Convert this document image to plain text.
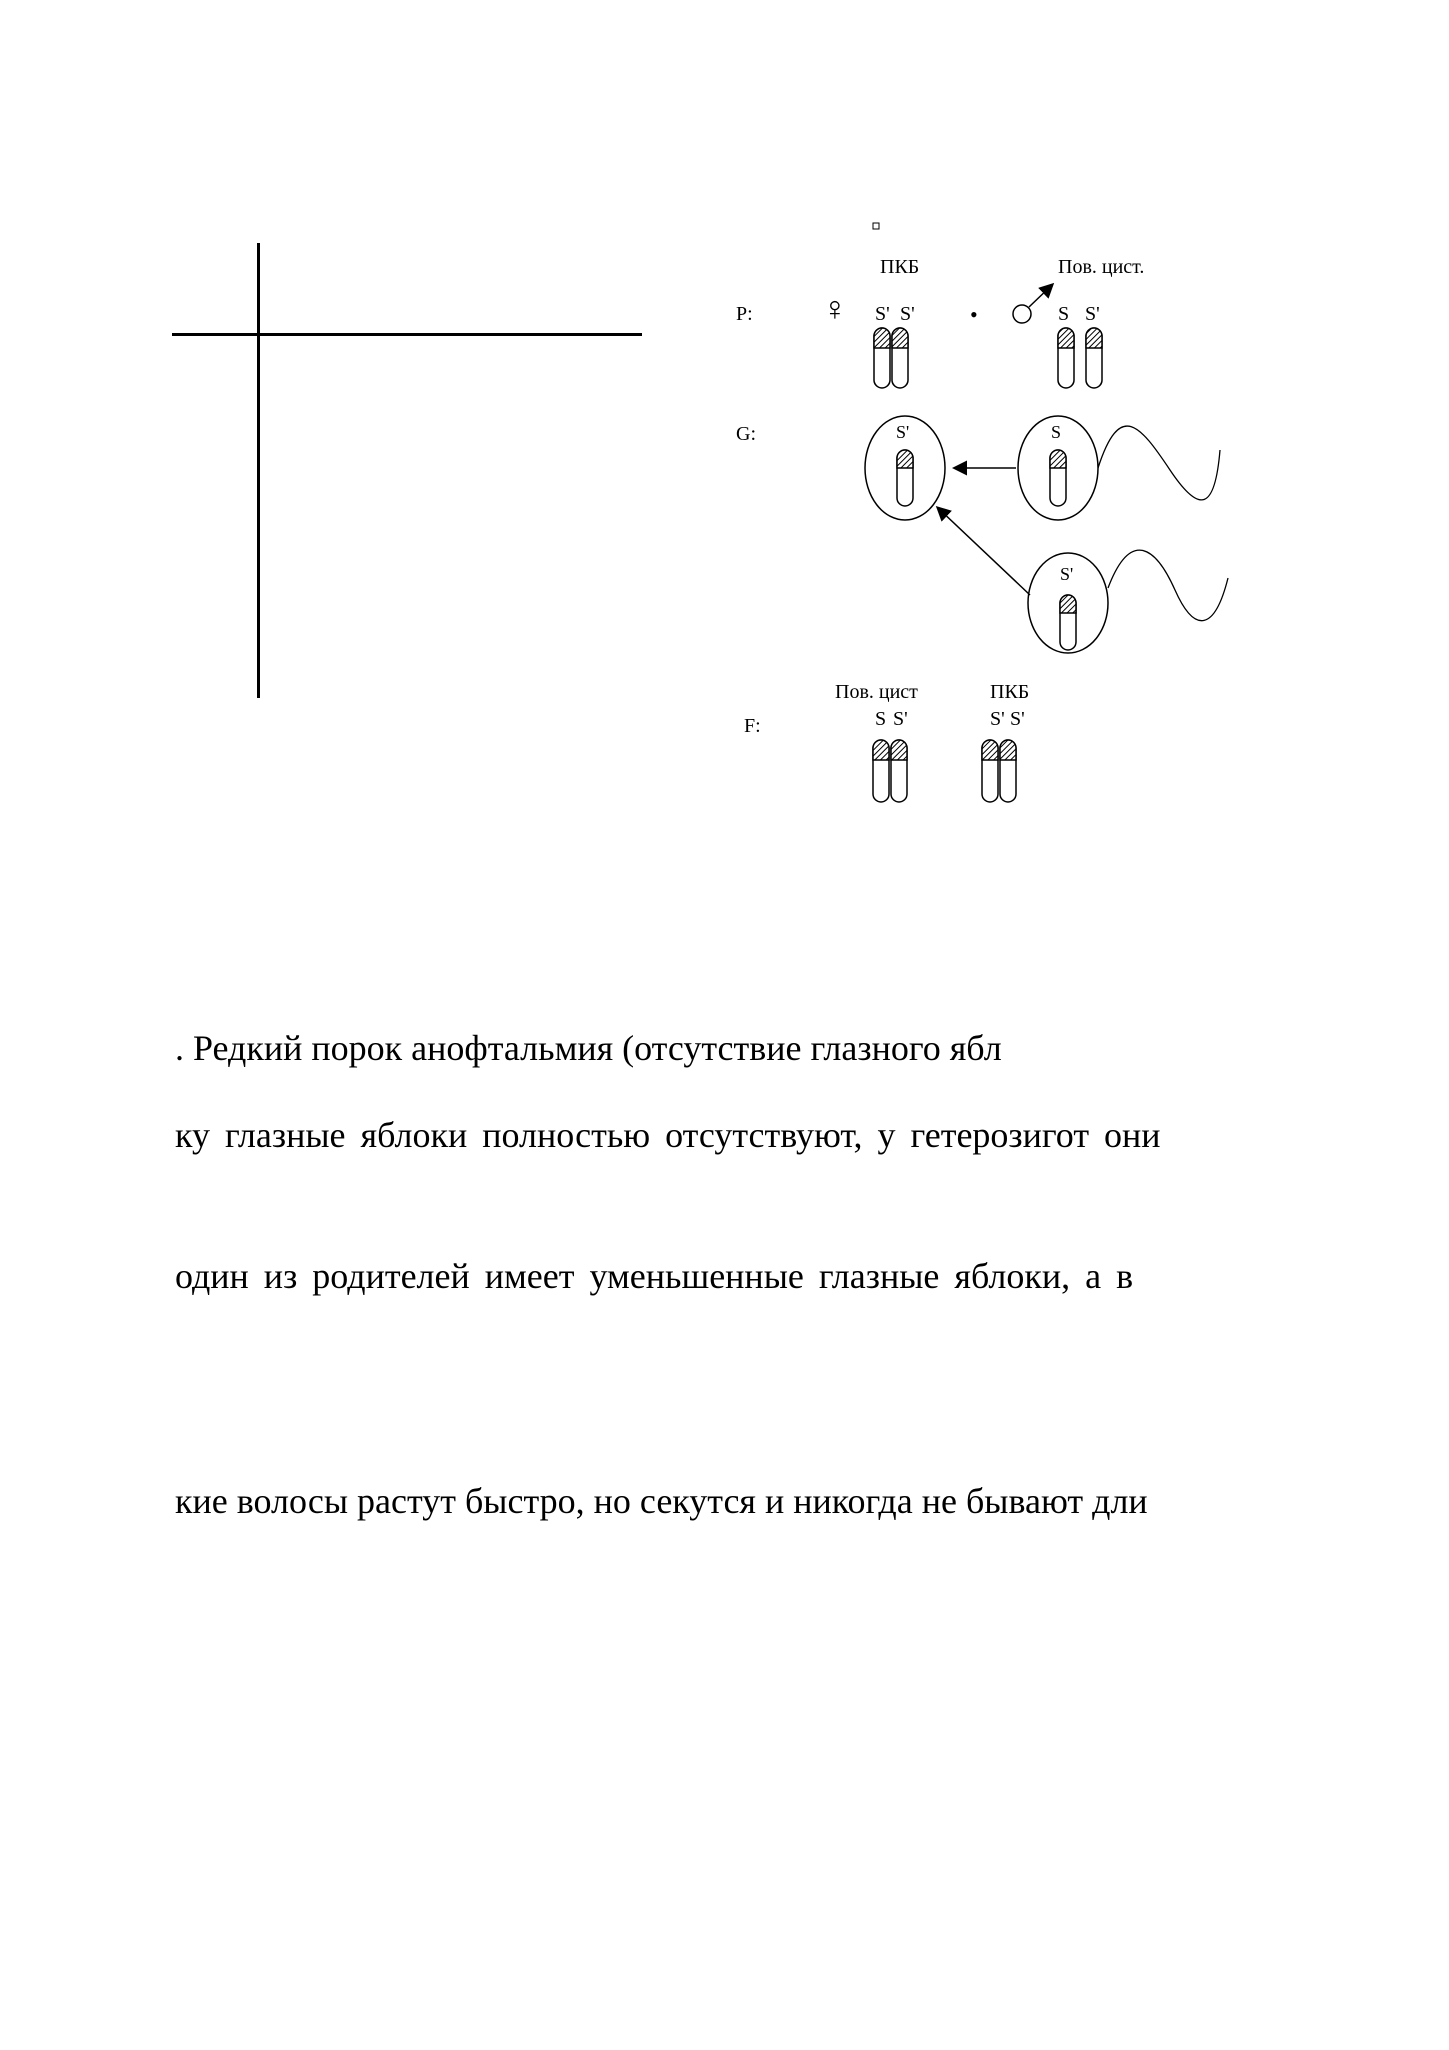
P:
G:
F:
ПКБ	Пов. цист.
♀	•
S' S'	S S'
S'	S
S'
Пов. цист	ПКБ
S S'	S' S'

. Редкий порок анофтальмия (отсутствие глазного ябл

ку глазные яблоки полностью отсутствуют, у гетерозигот они

один из родителей имеет уменьшенные глазные яблоки, а в

кие волосы растут быстро, но секутся и никогда не бывают дли
